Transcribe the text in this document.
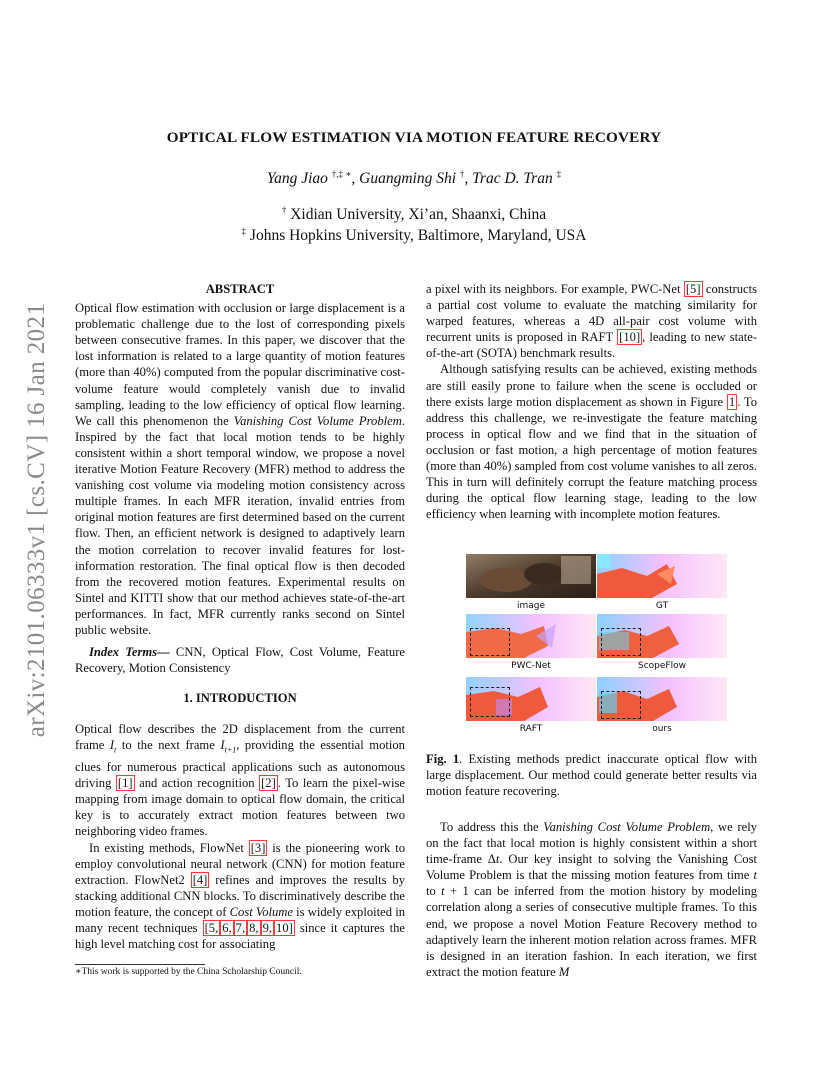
arXiv:2101.06333v1 [cs.CV] 16 Jan 2021
OPTICAL FLOW ESTIMATION VIA MOTION FEATURE RECOVERY
Yang Jiao †,‡ ∗, Guangming Shi †, Trac D. Tran ‡
† Xidian University, Xi’an, Shaanxi, China
‡ Johns Hopkins University, Baltimore, Maryland, USA

ABSTRACT

Optical flow estimation with occlusion or large displacement is a problematic challenge due to the lost of corresponding pixels between consecutive frames. In this paper, we discover that the lost information is related to a large quantity of motion features (more than 40%) computed from the popular discriminative cost-volume feature would completely vanish due to invalid sampling, leading to the low efficiency of optical flow learning. We call this phenomenon the Vanishing Cost Volume Problem. Inspired by the fact that local motion tends to be highly consistent within a short temporal window, we propose a novel iterative Motion Feature Recovery (MFR) method to address the vanishing cost volume via modeling motion consistency across multiple frames. In each MFR iteration, invalid entries from original motion features are first determined based on the current flow. Then, an efficient network is designed to adaptively learn the motion correlation to recover invalid features for lost-information restoration. The final optical flow is then decoded from the recovered motion features. Experimental results on Sintel and KITTI show that our method achieves state-of-the-art performances. In fact, MFR currently ranks second on Sintel public website.

Index Terms— CNN, Optical Flow, Cost Volume, Feature Recovery, Motion Consistency

1. INTRODUCTION

Optical flow describes the 2D displacement from the current frame $I_t$ to the next frame $I_{t+1}$, providing the essential motion clues for numerous practical applications such as autonomous driving [1] and action recognition [2] . To learn the pixel-wise mapping from image domain to optical flow domain, the critical key is to accurately extract motion features between two neighboring video frames.

In existing methods, FlowNet [3] is the pioneering work to employ convolutional neural network (CNN) for motion feature extraction. FlowNet2 [4] refines and improves the results by stacking additional CNN blocks. To discriminatively describe the motion feature, the concept of Cost Volume is widely exploited in many recent techniques [5, 6, 7, 8, 9, 10] since it captures the high level matching cost for associating

a pixel with its neighbors. For example, PWC-Net [5] constructs a partial cost volume to evaluate the matching similarity for warped features, whereas a 4D all-pair cost volume with recurrent units is proposed in RAFT [10] , leading to new state-of-the-art (SOTA) benchmark results.

Although satisfying results can be achieved, existing methods are still easily prone to failure when the scene is occluded or there exists large motion displacement as shown in Figure 1 . To address this challenge, we re-investigate the feature matching process in optical flow and we find that in the situation of occlusion or fast motion, a high percentage of motion features (more than 40%) sampled from cost volume vanishes to all zeros. This in turn will definitely corrupt the feature matching process during the optical flow learning stage, leading to the low efficiency when learning with incomplete motion features.

image	GT
PWC-Net	ScopeFlow
RAFT	ours
Fig. 1. Existing methods predict inaccurate optical flow with large displacement. Our method could generate better results via motion feature recovering.

To address this the Vanishing Cost Volume Problem, we rely on the fact that local motion is highly consistent within a short time-frame Δt. Our key insight to solving the Vanishing Cost Volume Problem is that the missing motion features from time t to t + 1 can be inferred from the motion history by modeling correlation along a series of consecutive multiple frames. To this end, we propose a novel Motion Feature Recovery method to adaptively learn the inherent motion relation across frames. MFR is designed in an iteration fashion. In each iteration, we first extract the motion feature M

∗This work is supported by the China Scholarship Council.
